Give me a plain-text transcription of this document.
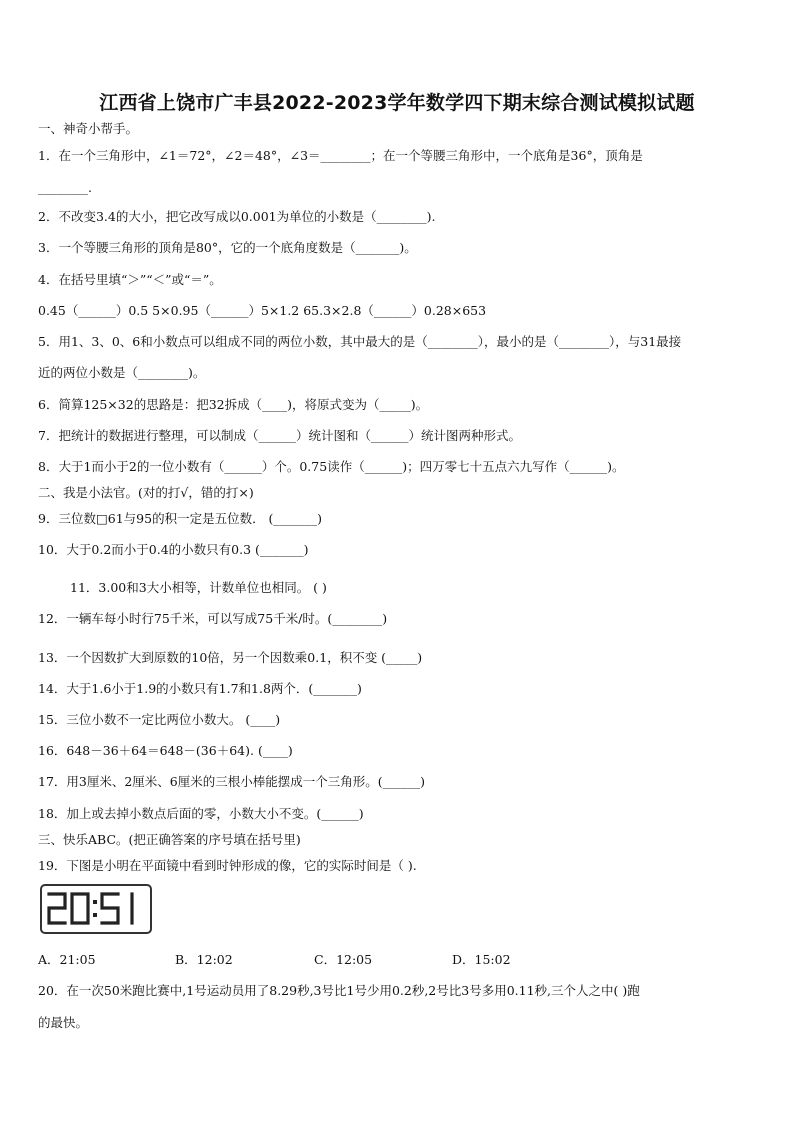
江西省上饶市广丰县2022-2023学年数学四下期末综合测试模拟试题
一、神奇小帮手。
1．在一个三角形中，∠1＝72°，∠2＝48°，∠3＝________；在一个等腰三角形中，一个底角是36°，顶角是
________.
2．不改变3.4的大小，把它改写成以0.001为单位的小数是（________).
3．一个等腰三角形的顶角是80°，它的一个底角度数是（_______)。
4．在括号里填“＞”“＜”或“＝”。
0.45（______）0.5 5×0.95（______）5×1.2 65.3×2.8（______）0.28×653
5．用1、3、0、6和小数点可以组成不同的两位小数，其中最大的是（________），最小的是（________），与31最接
近的两位小数是（________)。
6．简算125×32的思路是：把32拆成（____)，将原式变为（_____)。
7．把统计的数据进行整理，可以制成（______）统计图和（______）统计图两种形式。
8．大于1而小于2的一位小数有（______）个。0.75读作（______)；四万零七十五点六九写作（______)。
二、我是小法官。(对的打√，错的打×)
9．三位数□61与95的积一定是五位数． (_______)
10．大于0.2而小于0.4的小数只有0.3 (_______)
11．3.00和3大小相等，计数单位也相同。 ( )
12．一辆车每小时行75千米，可以写成75千米/时。(________)
13．一个因数扩大到原数的10倍，另一个因数乘0.1，积不变 (_____)
14．大于1.6小于1.9的小数只有1.7和1.8两个．(_______)
15．三位小数不一定比两位小数大。 (____)
16．648－36＋64＝648－(36＋64). (____)
17．用3厘米、2厘米、6厘米的三根小棒能摆成一个三角形。(______)
18．加上或去掉小数点后面的零，小数大小不变。(______)
三、快乐ABC。(把正确答案的序号填在括号里)
19．下图是小明在平面镜中看到时钟形成的像，它的实际时间是（ ).
A．21:05	B．12:02	C．12:05	D．15:02
20．在一次50米跑比赛中,1号运动员用了8.29秒,3号比1号少用0.2秒,2号比3号多用0.11秒,三个人之中( )跑
的最快。
